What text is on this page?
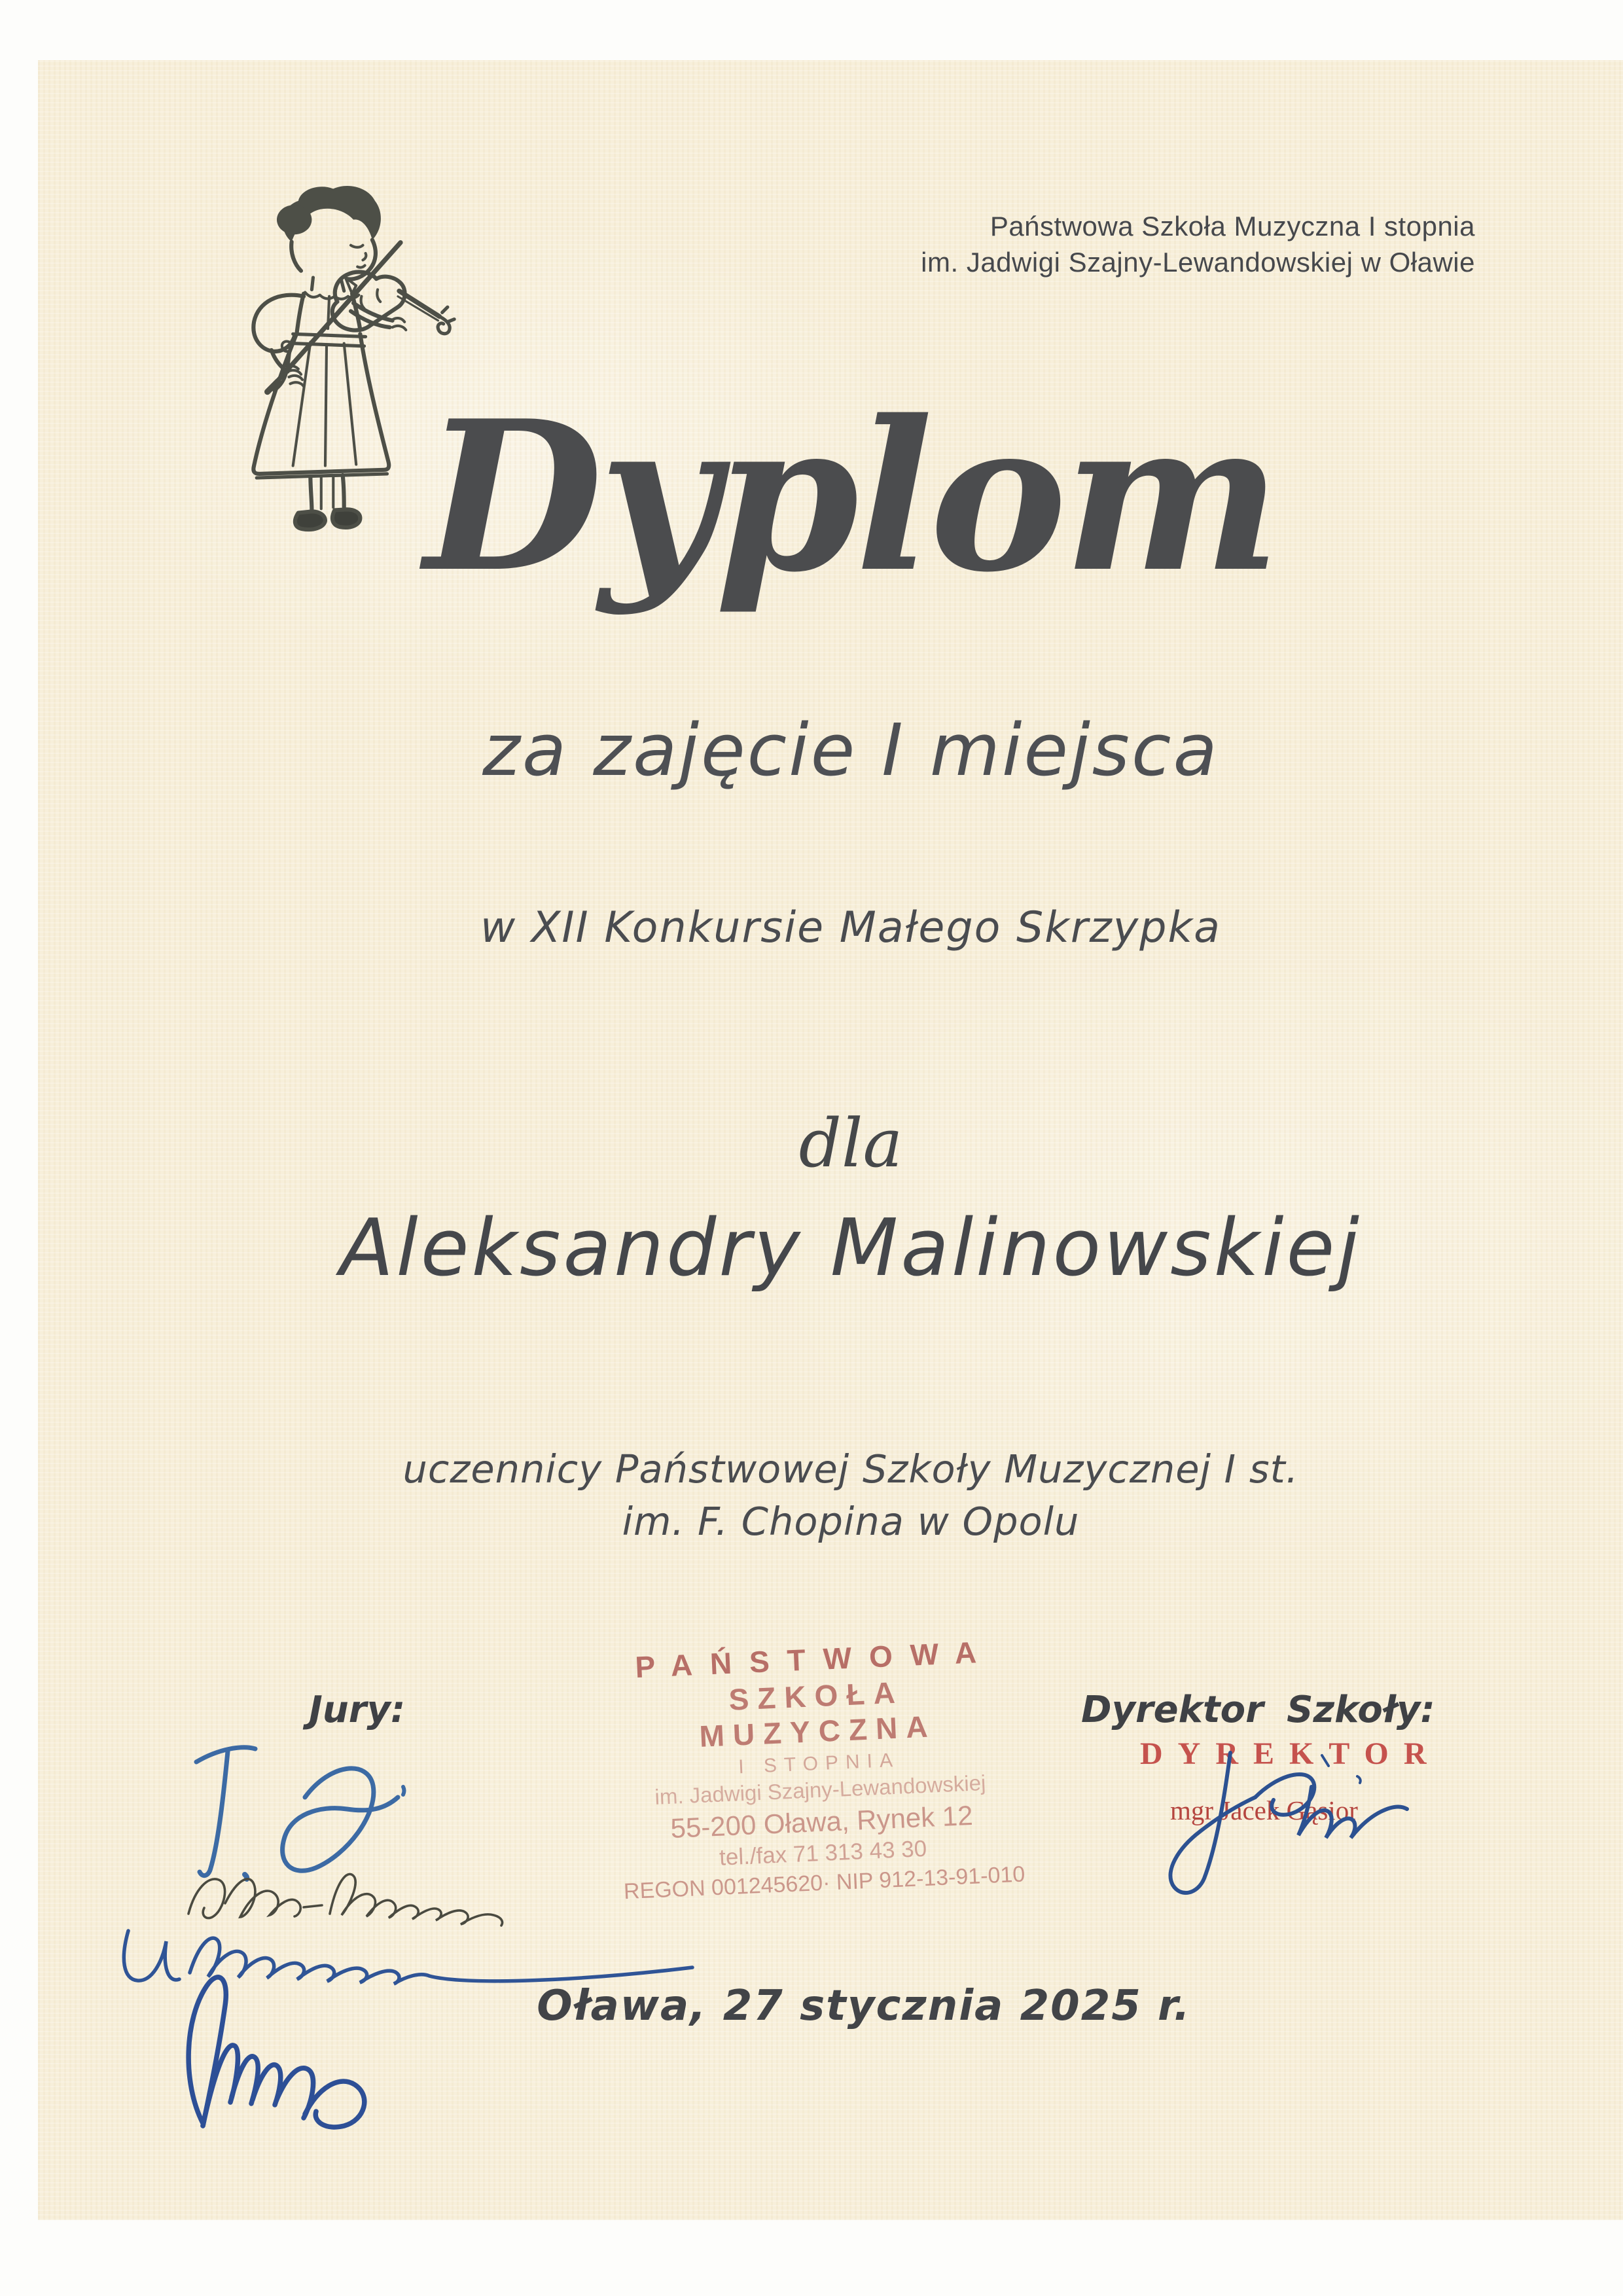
Państwowa Szkoła Muzyczna I stopnia
im. Jadwigi Szajny-Lewandowskiej w Oławie
Dyplom
za zajęcie I miejsca
w XII Konkursie Małego Skrzypka
dla
Aleksandry Malinowskiej
uczennicy Państwowej Szkoły Muzycznej I st.
im. F. Chopina w Opolu
Jury:
PAŃSTWOWA
SZKOŁA MUZYCZNA
I STOPNIA
im. Jadwigi Szajny-Lewandowskiej
55-200 Oława, Rynek 12
tel./fax 71 313 43 30
REGON 001245620· NIP 912-13-91-010
Dyrektor Szkoły:
DYREKTOR
mgr Jacek Gąsior
Oława, 27 stycznia 2025 r.
